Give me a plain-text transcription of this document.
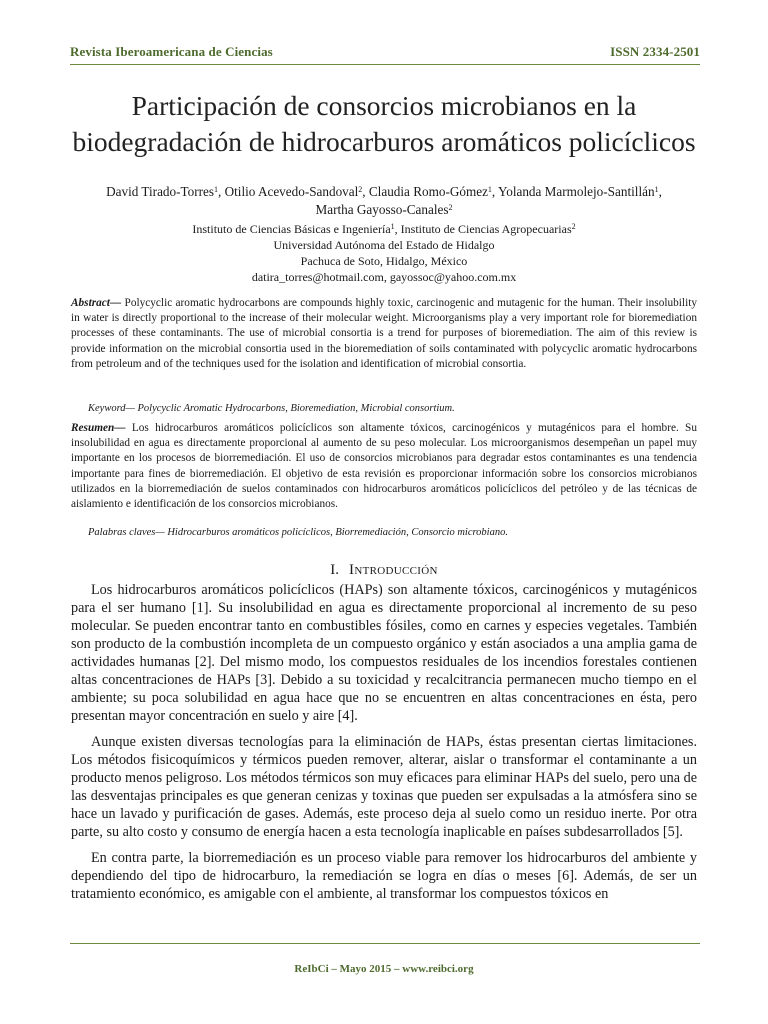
Revista Iberoamericana de Ciencias	ISSN 2334-2501
Participación de consorcios microbianos en la
biodegradación de hidrocarburos aromáticos policíclicos
David Tirado-Torres$^1$, Otilio Acevedo-Sandoval$^2$, Claudia Romo-Gómez$^1$, Yolanda Marmolejo-Santillán$^1$,
Martha Gayosso-Canales$^2$
Instituto de Ciencias Básicas e Ingeniería$^1$, Instituto de Ciencias Agropecuarias$^2$
Universidad Autónoma del Estado de Hidalgo
Pachuca de Soto, Hidalgo, México
datira_torres@hotmail.com, gayossoc@yahoo.com.mx
Abstract— Polycyclic aromatic hydrocarbons are compounds highly toxic, carcinogenic and mutagenic for the human. Their insolubility in water is directly proportional to the increase of their molecular weight. Microorganisms play a very important role for bioremediation processes of these contaminants. The use of microbial consortia is a trend for purposes of bioremediation. The aim of this review is provide information on the microbial consortia used in the bioremediation of soils contaminated with polycyclic aromatic hydrocarbons from petroleum and of the techniques used for the isolation and identification of microbial consortia.
Keyword— Polycyclic Aromatic Hydrocarbons, Bioremediation, Microbial consortium.
Resumen— Los hidrocarburos aromáticos policíclicos son altamente tóxicos, carcinogénicos y mutagénicos para el hombre. Su insolubilidad en agua es directamente proporcional al aumento de su peso molecular. Los microorganismos desempeñan un papel muy importante en los procesos de biorremediación. El uso de consorcios microbianos para degradar estos contaminantes es una tendencia importante para fines de biorremediación. El objetivo de esta revisión es proporcionar información sobre los consorcios microbianos utilizados en la biorremediación de suelos contaminados con hidrocarburos aromáticos policíclicos del petróleo y de las técnicas de aislamiento e identificación de los consorcios microbianos.
Palabras claves— Hidrocarburos aromáticos policíclicos, Biorremediación, Consorcio microbiano.
I. Introducción

Los hidrocarburos aromáticos policíclicos (HAPs) son altamente tóxicos, carcinogénicos y mutagénicos para el ser humano [1]. Su insolubilidad en agua es directamente proporcional al incremento de su peso molecular. Se pueden encontrar tanto en combustibles fósiles, como en carnes y especies vegetales. También son producto de la combustión incompleta de un compuesto orgánico y están asociados a una amplia gama de actividades humanas [2]. Del mismo modo, los compuestos residuales de los incendios forestales contienen altas concentraciones de HAPs [3]. Debido a su toxicidad y recalcitrancia permanecen mucho tiempo en el ambiente; su poca solubilidad en agua hace que no se encuentren en altas concentraciones en ésta, pero presentan mayor concentración en suelo y aire [4].

Aunque existen diversas tecnologías para la eliminación de HAPs, éstas presentan ciertas limitaciones. Los métodos fisicoquímicos y térmicos pueden remover, alterar, aislar o transformar el contaminante a un producto menos peligroso. Los métodos térmicos son muy eficaces para eliminar HAPs del suelo, pero una de las desventajas principales es que generan cenizas y toxinas que pueden ser expulsadas a la atmósfera sino se hace un lavado y purificación de gases. Además, este proceso deja al suelo como un residuo inerte. Por otra parte, su alto costo y consumo de energía hacen a esta tecnología inaplicable en países subdesarrollados [5].

En contra parte, la biorremediación es un proceso viable para remover los hidrocarburos del ambiente y dependiendo del tipo de hidrocarburo, la remediación se logra en días o meses [6]. Además, de ser un tratamiento económico, es amigable con el ambiente, al transformar los compuestos tóxicos en

ReIbCi – Mayo 2015 – www.reibci.org
